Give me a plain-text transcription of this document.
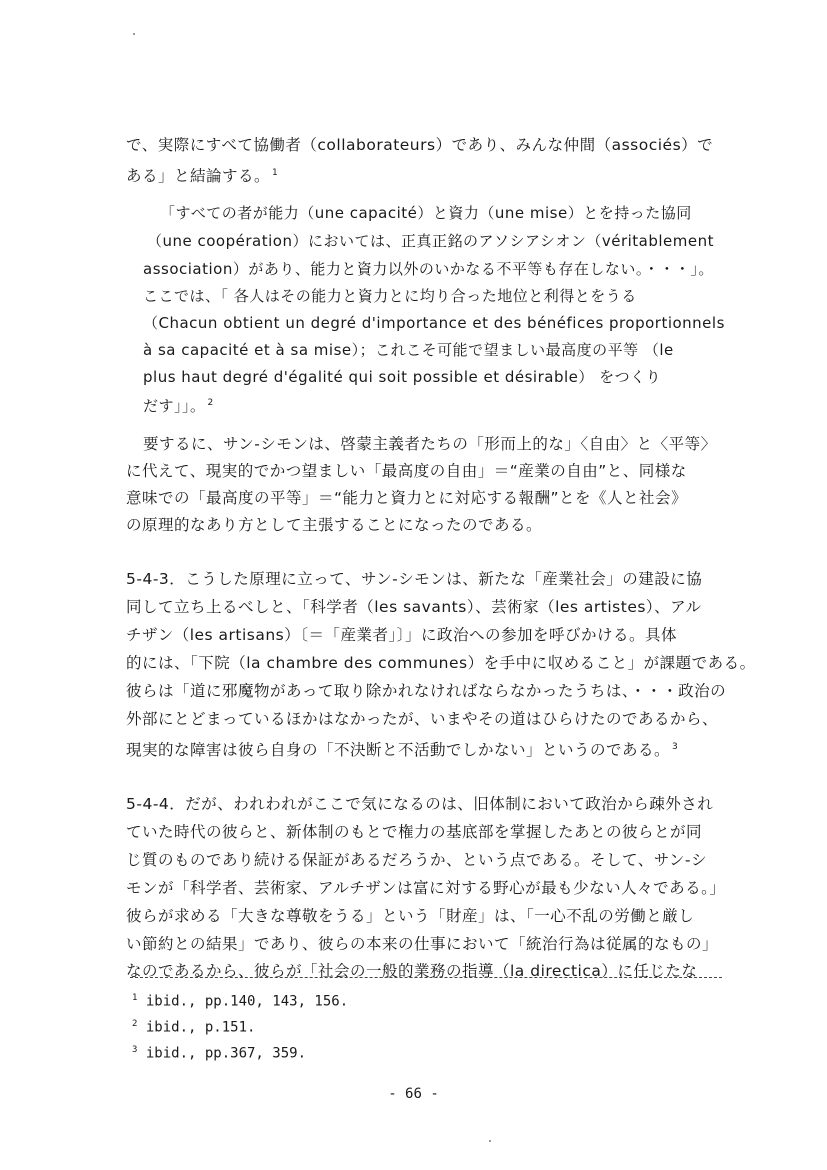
で、実際にすべて協働者（collaborateurs）であり、みんな仲間（associés）で
ある」と結論する。 $^1$
「すべての者が能力（une capacité）と資力（une mise）とを持った協同
（une coopération）においては、正真正銘のアソシアシオン（véritablement
association）があり、能力と資力以外のいかなる不平等も存在しない。・・・」。
ここでは、「 各人はその能力と資力とに均り合った地位と利得とをうる
（Chacun obtient un degré d'importance et des bénéfices proportionnels
à sa capacité et à sa mise）；これこそ可能で望ましい最高度の平等 （le
plus haut degré d'égalité qui soit possible et désirable） をつくり
だす」」。 $^2$
要するに、サン-シモンは、啓蒙主義者たちの「形而上的な」〈自由〉と〈平等〉
に代えて、現実的でかつ望ましい「最高度の自由」＝“産業の自由”と、同様な
意味での「最高度の平等」＝“能力と資力とに対応する報酬”とを《人と社会》
の原理的なあり方として主張することになったのである。
5-4-3．こうした原理に立って、サン-シモンは、新たな「産業社会」の建設に協
同して立ち上るべしと、「科学者（les savants）、芸術家（les artistes）、アル
チザン（les artisans）〔＝「産業者」〕」に政治への参加を呼びかける。具体
的には、「下院（la chambre des communes）を手中に収めること」が課題である。
彼らは「道に邪魔物があって取り除かれなければならなかったうちは、・・・政治の
外部にとどまっているほかはなかったが、いまやその道はひらけたのであるから、
現実的な障害は彼ら自身の「不決断と不活動でしかない」というのである。 $^3$
5-4-4．だが、われわれがここで気になるのは、旧体制において政治から疎外され
ていた時代の彼らと、新体制のもとで権力の基底部を掌握したあとの彼らとが同
じ質のものであり続ける保証があるだろうか、という点である。そして、サン-シ
モンが「科学者、芸術家、アルチザンは富に対する野心が最も少ない人々である。」
彼らが求める「大きな尊敬をうる」という「財産」は、「一心不乱の労働と厳し
い節約との結果」であり、彼らの本来の仕事において「統治行為は従属的なもの」
なのであるから、彼らが「社会の一般的業務の指導（la directica）に任じたな
$^1$ ibid., pp.140, 143, 156.
$^2$ ibid., p.151.
$^3$ ibid., pp.367, 359.
- 66 -
